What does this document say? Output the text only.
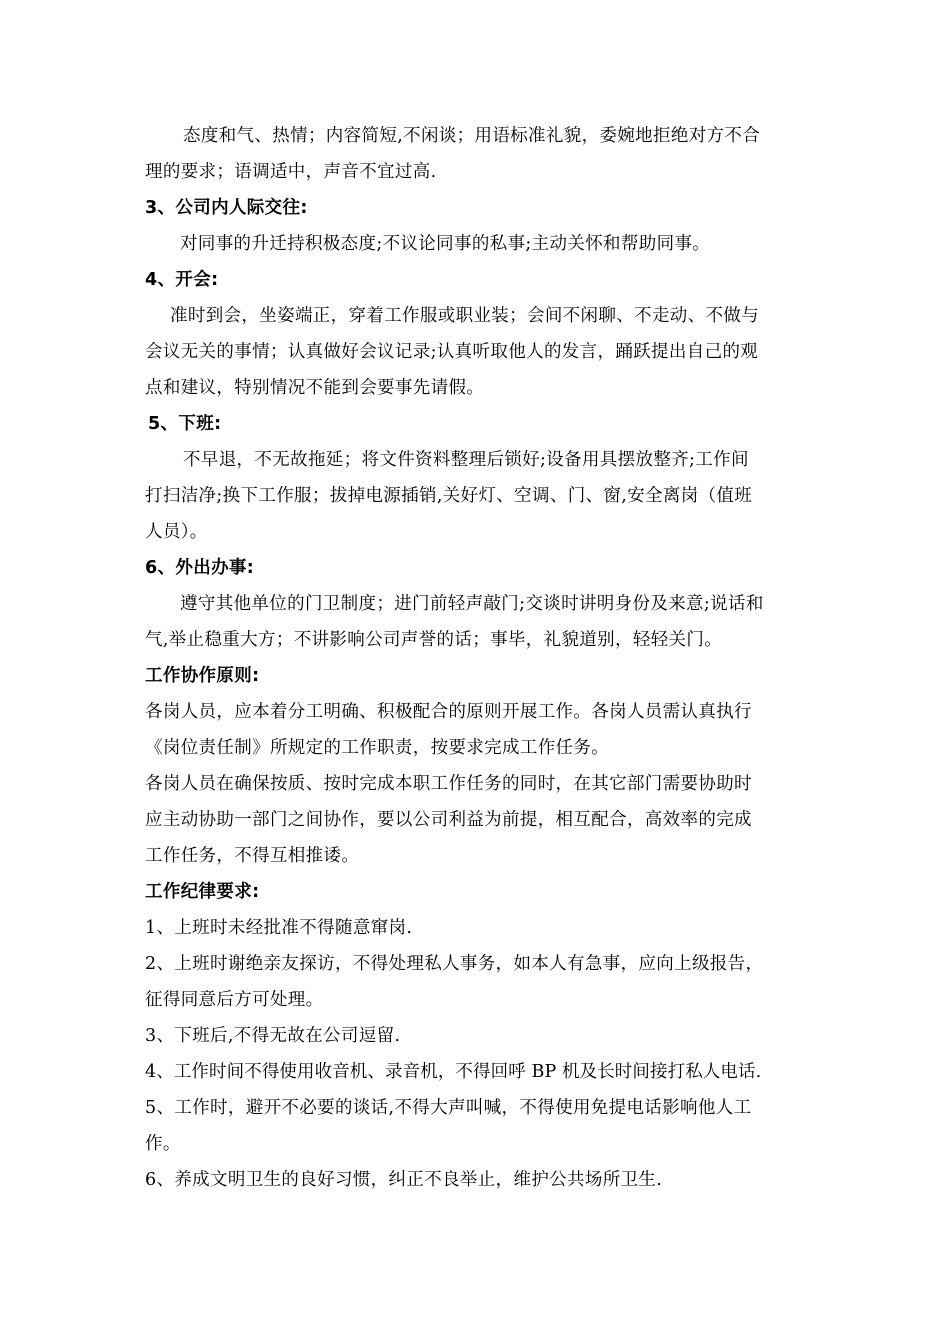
态度和气、热情；内容简短,不闲谈；用语标准礼貌，委婉地拒绝对方不合
理的要求；语调适中，声音不宜过高.
3、公司内人际交往:
对同事的升迁持积极态度;不议论同事的私事;主动关怀和帮助同事。
4、开会:
准时到会，坐姿端正，穿着工作服或职业装；会间不闲聊、不走动、不做与
会议无关的事情；认真做好会议记录;认真听取他人的发言，踊跃提出自己的观
点和建议，特别情况不能到会要事先请假。
5、下班:
不早退，不无故拖延；将文件资料整理后锁好;设备用具摆放整齐;工作间
打扫洁净;换下工作服；拔掉电源插销,关好灯、空调、门、窗,安全离岗（值班
人员）。
6、外出办事:
遵守其他单位的门卫制度；进门前轻声敲门;交谈时讲明身份及来意;说话和
气,举止稳重大方；不讲影响公司声誉的话；事毕，礼貌道别，轻轻关门。
工作协作原则:
各岗人员，应本着分工明确、积极配合的原则开展工作。各岗人员需认真执行
《岗位责任制》所规定的工作职责，按要求完成工作任务。
各岗人员在确保按质、按时完成本职工作任务的同时，在其它部门需要协助时
应主动协助一部门之间协作，要以公司利益为前提，相互配合，高效率的完成
工作任务，不得互相推诿。
工作纪律要求:
1、上班时未经批准不得随意窜岗.
2、上班时谢绝亲友探访，不得处理私人事务，如本人有急事，应向上级报告，
征得同意后方可处理。
3、下班后,不得无故在公司逗留.
4、工作时间不得使用收音机、录音机，不得回呼 BP 机及长时间接打私人电话.
5、工作时，避开不必要的谈话,不得大声叫喊，不得使用免提电话影响他人工
作。
6、养成文明卫生的良好习惯，纠正不良举止，维护公共场所卫生.
